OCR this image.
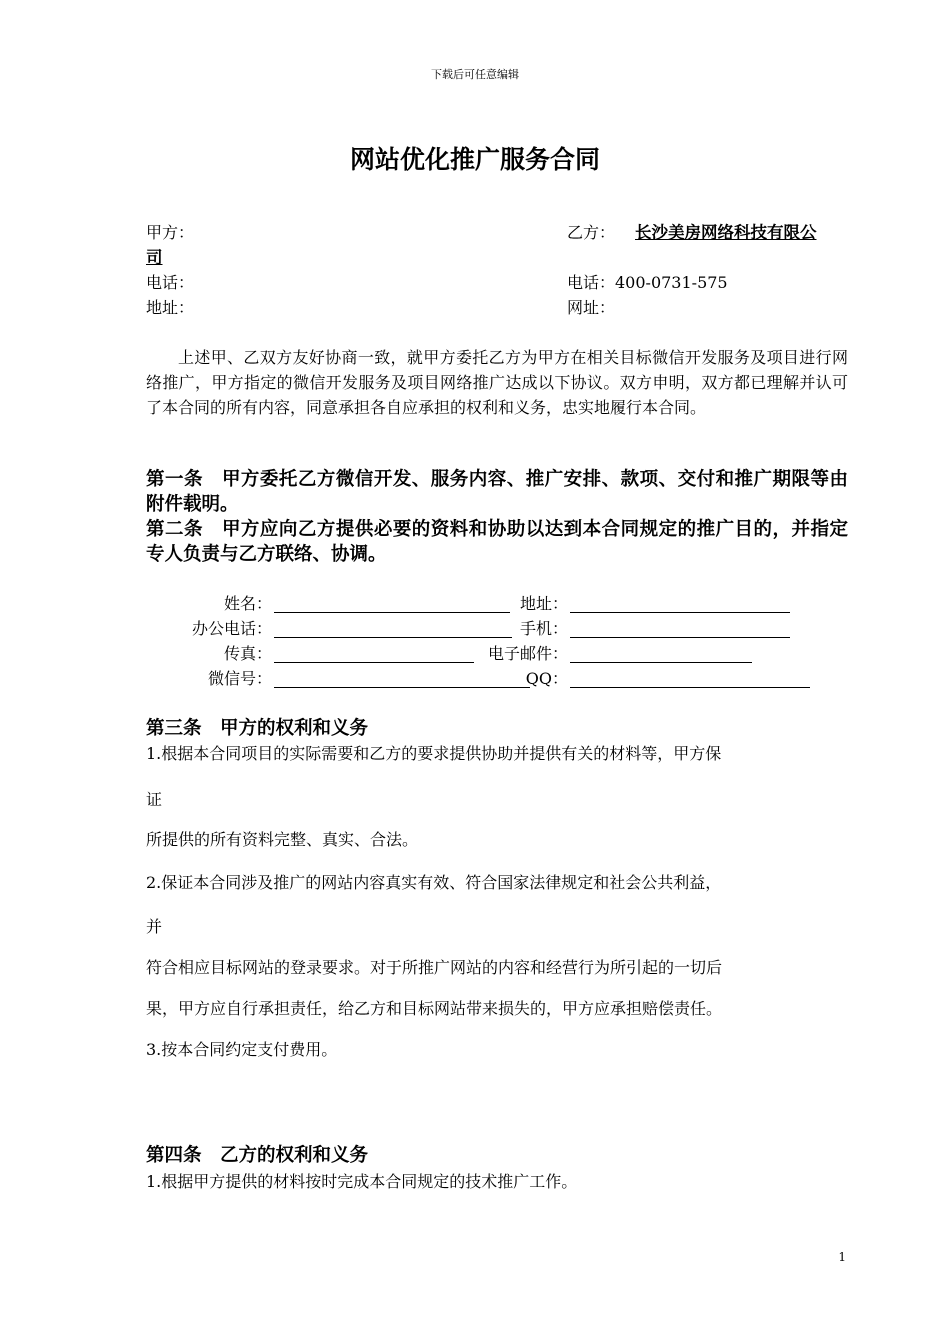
下载后可任意编辑
网站优化推广服务合同
甲方：	乙方： 长沙美房网络科技有限公
司
电话：	电话：400-0731-575
地址：	网址：
上述甲、乙双方友好协商一致，就甲方委托乙方为甲方在相关目标微信开发服务及项目进行网络推广，甲方指定的微信开发服务及项目网络推广达成以下协议。双方申明，双方都已理解并认可了本合同的所有内容，同意承担各自应承担的权利和义务，忠实地履行本合同。
第一条　甲方委托乙方微信开发、服务内容、推广安排、款项、交付和推广期限等由附件载明。
第二条　甲方应向乙方提供必要的资料和协助以达到本合同规定的推广目的，并指定专人负责与乙方联络、协调。
姓名：	地址：
办公电话：	手机：
传真：	电子邮件：
微信号：	QQ：
第三条　甲方的权利和义务
1.根据本合同项目的实际需要和乙方的要求提供协助并提供有关的材料等，甲方保
证
所提供的所有资料完整、真实、合法。
2.保证本合同涉及推广的网站内容真实有效、符合国家法律规定和社会公共利益，
并
符合相应目标网站的登录要求。对于所推广网站的内容和经营行为所引起的一切后
果，甲方应自行承担责任，给乙方和目标网站带来损失的，甲方应承担赔偿责任。
3.按本合同约定支付费用。
第四条　乙方的权利和义务
1.根据甲方提供的材料按时完成本合同规定的技术推广工作。
1
